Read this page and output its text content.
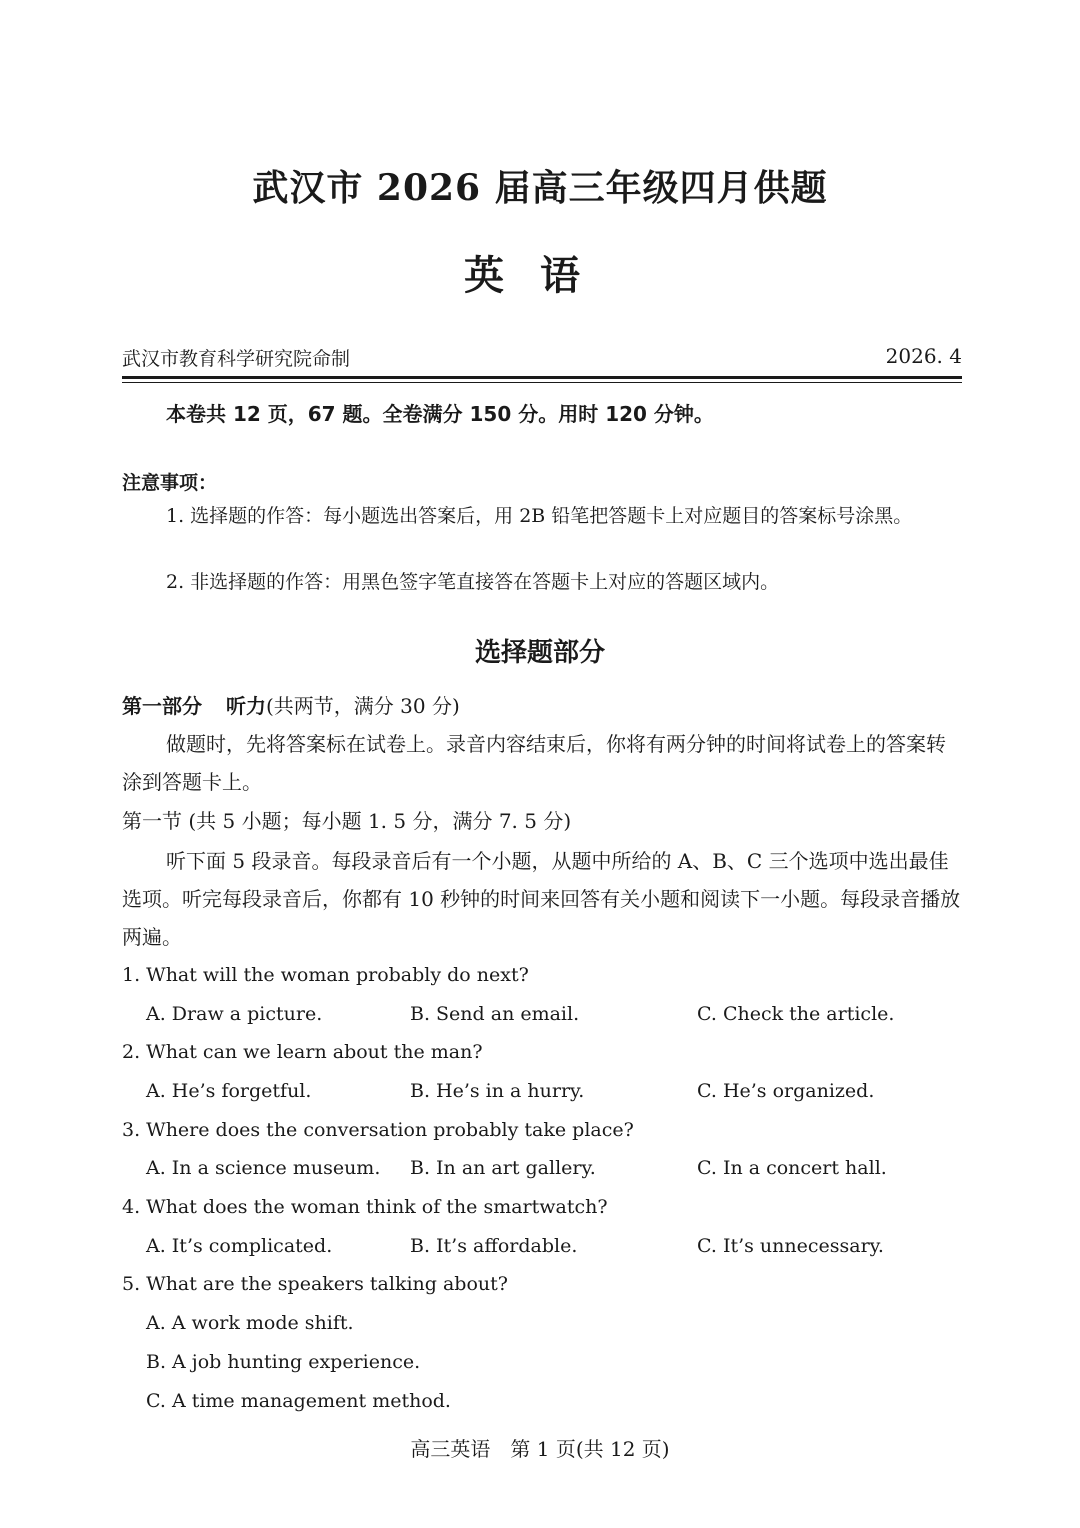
武汉市 2026 届高三年级四月供题
英语
武汉市教育科学研究院命制	2026. 4
本卷共 12 页，67 题。全卷满分 150 分。用时 120 分钟。
注意事项：
1. 选择题的作答：每小题选出答案后，用 2B 铅笔把答题卡上对应题目的答案标号涂黑。
2. 非选择题的作答：用黑色签字笔直接答在答题卡上对应的答题区域内。
选择题部分
第一部分 听力(共两节，满分 30 分)
做题时，先将答案标在试卷上。录音内容结束后，你将有两分钟的时间将试卷上的答案转涂到答题卡上。
第一节 (共 5 小题；每小题 1. 5 分，满分 7. 5 分)
听下面 5 段录音。每段录音后有一个小题，从题中所给的 A、B、C 三个选项中选出最佳选项。听完每段录音后，你都有 10 秒钟的时间来回答有关小题和阅读下一小题。每段录音播放两遍。
1. What will the woman probably do next?
A. Draw a picture.	B. Send an email.	C. Check the article.
2. What can we learn about the man?
A. He’s forgetful.	B. He’s in a hurry.	C. He’s organized.
3. Where does the conversation probably take place?
A. In a science museum. B. In an art gallery.	C. In a concert hall.
4. What does the woman think of the smartwatch?
A. It’s complicated.	B. It’s affordable.	C. It’s unnecessary.
5. What are the speakers talking about?
A. A work mode shift.
B. A job hunting experience.
C. A time management method.
高三英语　第 1 页(共 12 页)
